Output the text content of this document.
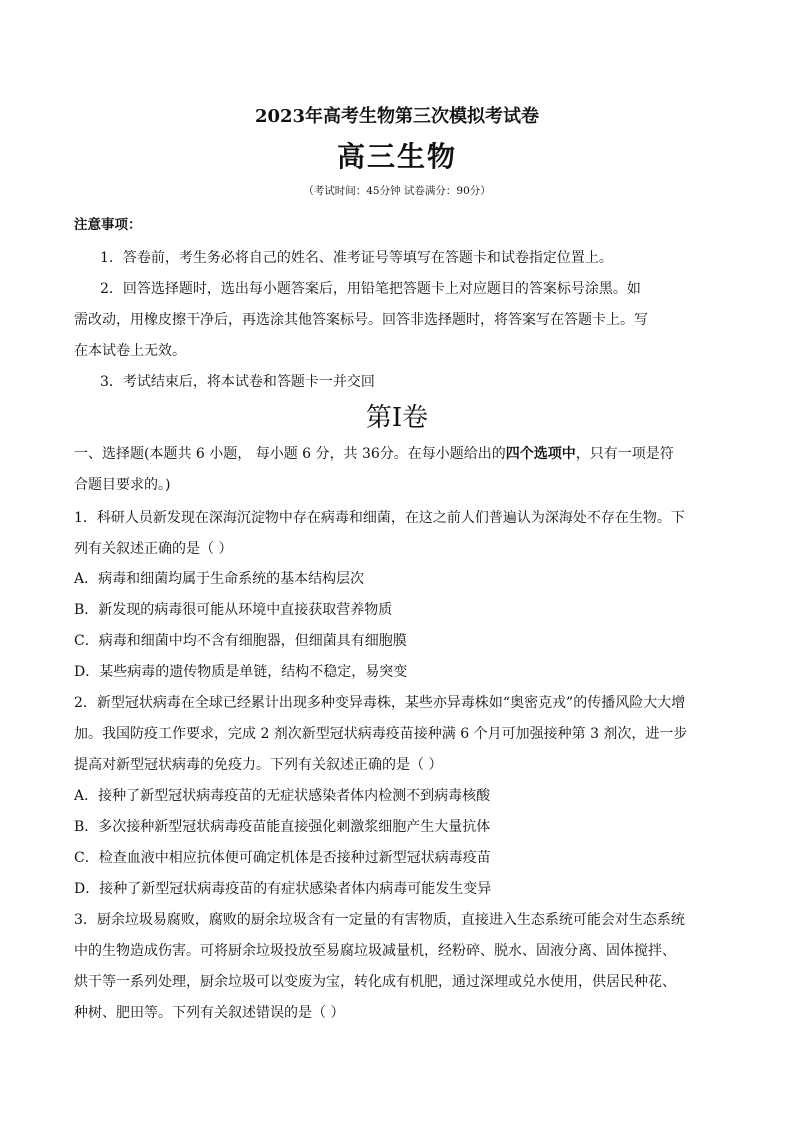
2023年高考生物第三次模拟考试卷
高三生物
（考试时间：45分钟 试卷满分：90分）
注意事项：
1．答卷前，考生务必将自己的姓名、准考证号等填写在答题卡和试卷指定位置上。
2．回答选择题时，选出每小题答案后，用铅笔把答题卡上对应题目的答案标号涂黑。如
需改动，用橡皮擦干净后，再选涂其他答案标号。回答非选择题时，将答案写在答题卡上。写
在本试卷上无效。
3．考试结束后，将本试卷和答题卡一并交回
第Ⅰ卷
一、选择题(本题共 6 小题， 每小题 6 分，共 36分。在每小题给出的四个选项中，只有一项是符
合题目要求的。)
1．科研人员新发现在深海沉淀物中存在病毒和细菌，在这之前人们普遍认为深海处不存在生物。下
列有关叙述正确的是（ ）
A．病毒和细菌均属于生命系统的基本结构层次
B．新发现的病毒很可能从环境中直接获取营养物质
C．病毒和细菌中均不含有细胞器，但细菌具有细胞膜
D．某些病毒的遗传物质是单链，结构不稳定，易突变
2．新型冠状病毒在全球已经累计出现多种变异毒株，某些亦异毒株如“奥密克戎”的传播风险大大增
加。我国防疫工作要求，完成 2 剂次新型冠状病毒疫苗接种满 6 个月可加强接种第 3 剂次，进一步
提高对新型冠状病毒的免疫力。下列有关叙述正确的是（ ）
A．接种了新型冠状病毒疫苗的无症状感染者体内检测不到病毒核酸
B．多次接种新型冠状病毒疫苗能直接强化刺激浆细胞产生大量抗体
C．检查血液中相应抗体便可确定机体是否接种过新型冠状病毒疫苗
D．接种了新型冠状病毒疫苗的有症状感染者体内病毒可能发生变异
3．厨余垃圾易腐败，腐败的厨余垃圾含有一定量的有害物质，直接进入生态系统可能会对生态系统
中的生物造成伤害。可将厨余垃圾投放至易腐垃圾减量机，经粉碎、脱水、固液分离、固体搅拌、
烘干等一系列处理，厨余垃圾可以变废为宝，转化成有机肥，通过深埋或兑水使用，供居民种花、
种树、肥田等。下列有关叙述错误的是（ ）
